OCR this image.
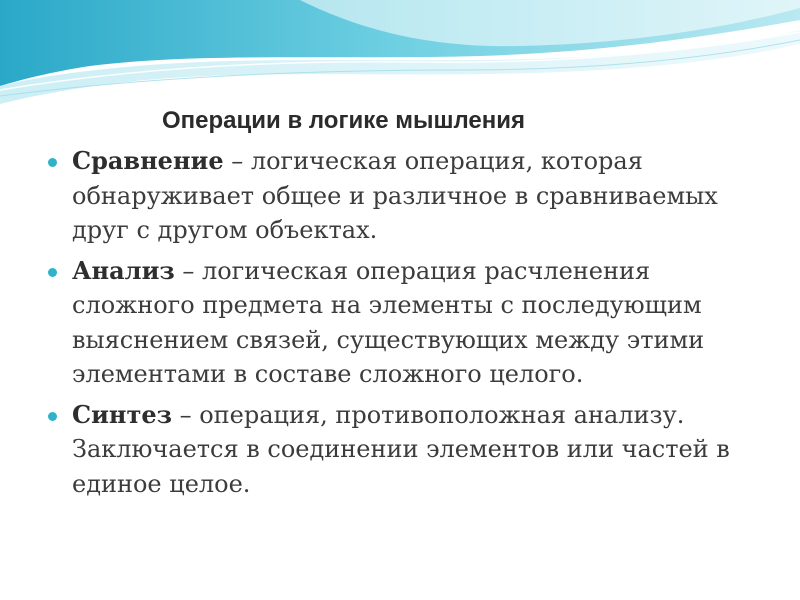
Операции в логике мышления
Сравнение – логическая операция, которая обнаруживает общее и различное в сравниваемых друг с другом объектах.
Анализ – логическая операция расчленения сложного предмета на элементы с последующим выяснением связей, существующих между этими элементами в составе сложного целого.
Синтез – операция, противоположная анализу. Заключается в соединении элементов или частей в единое целое.
